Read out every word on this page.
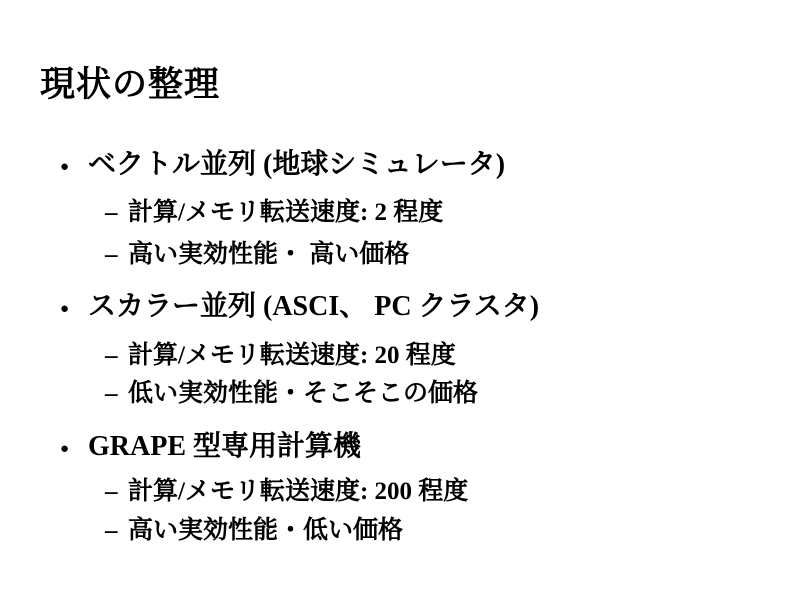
現状の整理
● ベクトル並列 (地球シミュレータ)
– 計算/メモリ転送速度: 2 程度
– 高い実効性能・ 高い価格
● スカラー並列 (ASCI、 PC クラスタ)
– 計算/メモリ転送速度: 20 程度
– 低い実効性能・そこそこの価格
● GRAPE 型専用計算機
– 計算/メモリ転送速度: 200 程度
– 高い実効性能・低い価格
